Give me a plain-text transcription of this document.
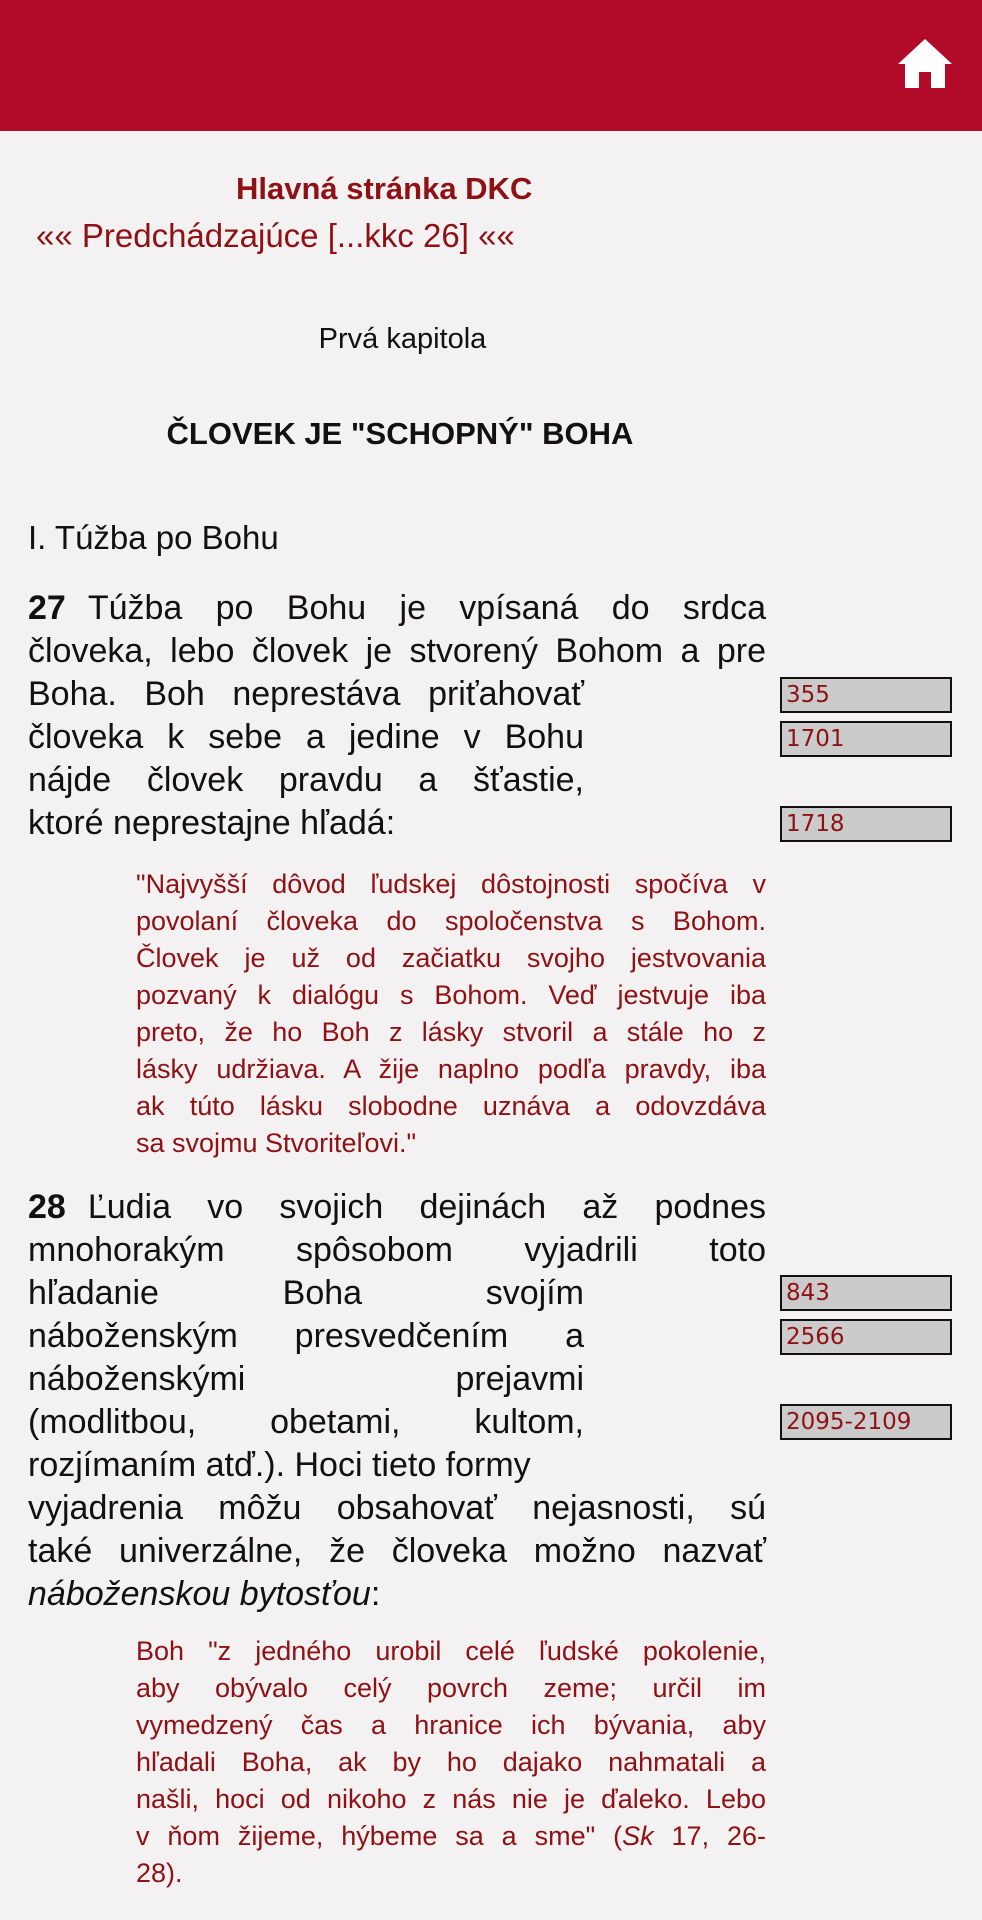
Hlavná stránka DKC
«« Predchádzajúce [...kkc 26] ««
Prvá kapitola
ČLOVEK JE "SCHOPNÝ" BOHA
I. Túžba po Bohu
27 Túžba po Bohu je vpísaná do srdca
človeka, lebo človek je stvorený Bohom a pre
Boha. Boh neprestáva priťahovať
človeka k sebe a jedine v Bohu
nájde človek pravdu a šťastie,
ktoré neprestajne hľadá:
"Najvyšší dôvod ľudskej dôstojnosti spočíva v
povolaní človeka do spoločenstva s Bohom.
Človek je už od začiatku svojho jestvovania
pozvaný k dialógu s Bohom. Veď jestvuje iba
preto, že ho Boh z lásky stvoril a stále ho z
lásky udržiava. A žije naplno podľa pravdy, iba
ak túto lásku slobodne uznáva a odovzdáva
sa svojmu Stvoriteľovi."
355
1701
1718
28 Ľudia vo svojich dejinách až podnes
mnohorakým spôsobom vyjadrili toto
hľadanie Boha svojím
náboženským presvedčením a
náboženskými prejavmi
(modlitbou, obetami, kultom,
rozjímaním atď.). Hoci tieto formy
vyjadrenia môžu obsahovať nejasnosti, sú
také univerzálne, že človeka možno nazvať
náboženskou bytosťou:
Boh "z jedného urobil celé ľudské pokolenie,
aby obývalo celý povrch zeme; určil im
vymedzený čas a hranice ich bývania, aby
hľadali Boha, ak by ho dajako nahmatali a
našli, hoci od nikoho z nás nie je ďaleko. Lebo
v ňom žijeme, hýbeme sa a sme" (Sk 17, 26-
28).
843
2566
2095-2109
